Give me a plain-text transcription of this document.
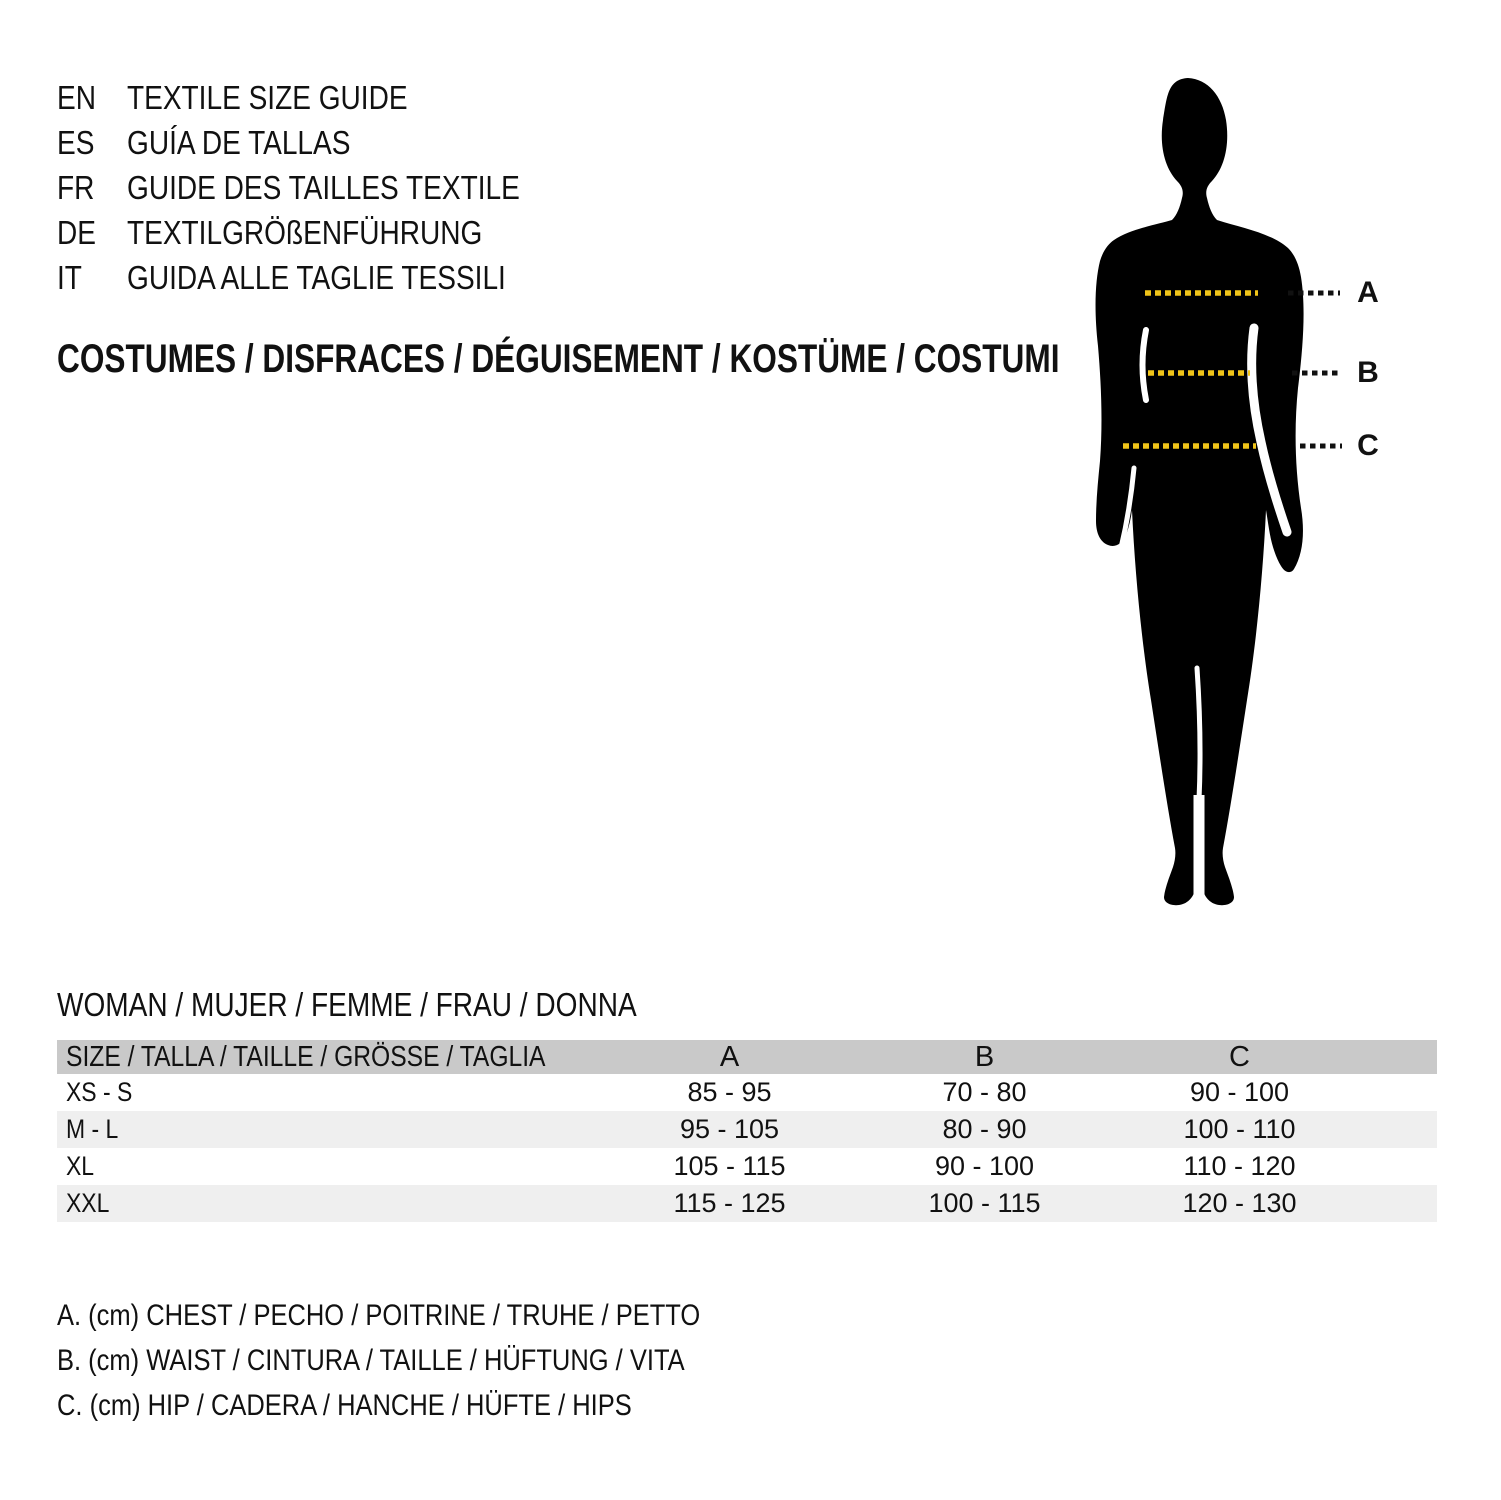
EN TEXTILE SIZE GUIDE
ES GUÍA DE TALLAS
FR GUIDE DES TAILLES TEXTILE
DE TEXTILGRÖßENFÜHRUNG
IT	GUIDA ALLE TAGLIE TESSILI
COSTUMES / DISFRACES / DÉGUISEMENT / KOSTÜME / COSTUMI
A
B
C
WOMAN / MUJER / FEMME / FRAU / DONNA
SIZE / TALLA / TAILLE / GRÖSSE / TAGLIA	A	B	C
XS - S	85 - 95	70 - 80	90 - 100
M - L	95 - 105	80 - 90	100 - 110
XL	105 - 115	90 - 100	110 - 120
XXL	115 - 125	100 - 115	120 - 130
A. (cm) CHEST / PECHO / POITRINE / TRUHE / PETTO
B. (cm) WAIST / CINTURA / TAILLE / HÜFTUNG / VITA
C. (cm) HIP / CADERA / HANCHE / HÜFTE / HIPS
